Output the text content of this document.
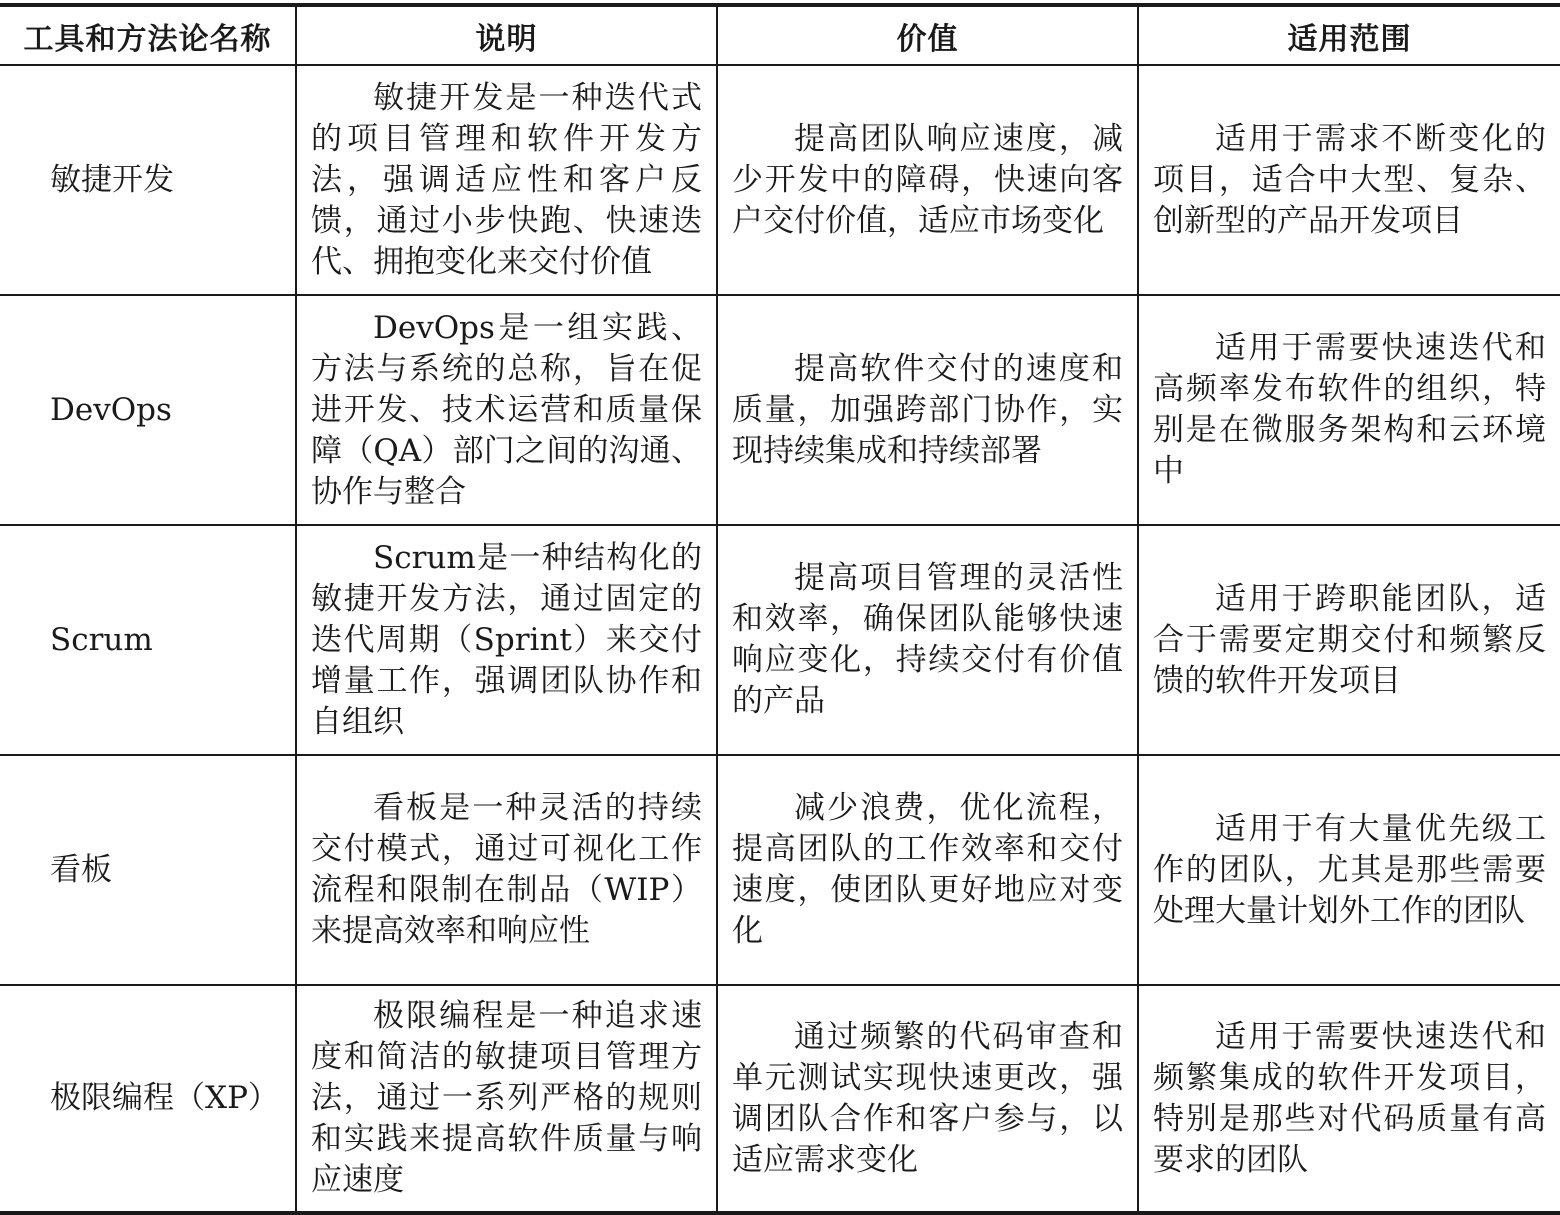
工具和方法论名称	说明	价值	适用范围
敏捷开发	敏捷开发是一种迭代式的项目管理和软件开发方法，强调适应性和客户反馈，通过小步快跑、快速迭代、拥抱变化来交付价值	提高团队响应速度，减少开发中的障碍，快速向客户交付价值，适应市场变化	适用于需求不断变化的项目，适合中大型、复杂、创新型的产品开发项目
DevOps	DevOps是一组实践、方法与系统的总称，旨在促进开发、技术运营和质量保障（QA）部门之间的沟通、协作与整合	提高软件交付的速度和质量，加强跨部门协作，实现持续集成和持续部署	适用于需要快速迭代和高频率发布软件的组织，特别是在微服务架构和云环境中
Scrum	Scrum是一种结构化的敏捷开发方法，通过固定的迭代周期（Sprint）来交付增量工作，强调团队协作和自组织	提高项目管理的灵活性和效率，确保团队能够快速响应变化，持续交付有价值的产品	适用于跨职能团队，适合于需要定期交付和频繁反馈的软件开发项目
看板	看板是一种灵活的持续交付模式，通过可视化工作流程和限制在制品（WIP）来提高效率和响应性	减少浪费，优化流程，提高团队的工作效率和交付速度，使团队更好地应对变化	适用于有大量优先级工作的团队，尤其是那些需要处理大量计划外工作的团队
极限编程（XP）	极限编程是一种追求速度和简洁的敏捷项目管理方法，通过一系列严格的规则和实践来提高软件质量与响应速度	通过频繁的代码审查和单元测试实现快速更改，强调团队合作和客户参与，以适应需求变化	适用于需要快速迭代和频繁集成的软件开发项目，特别是那些对代码质量有高要求的团队
